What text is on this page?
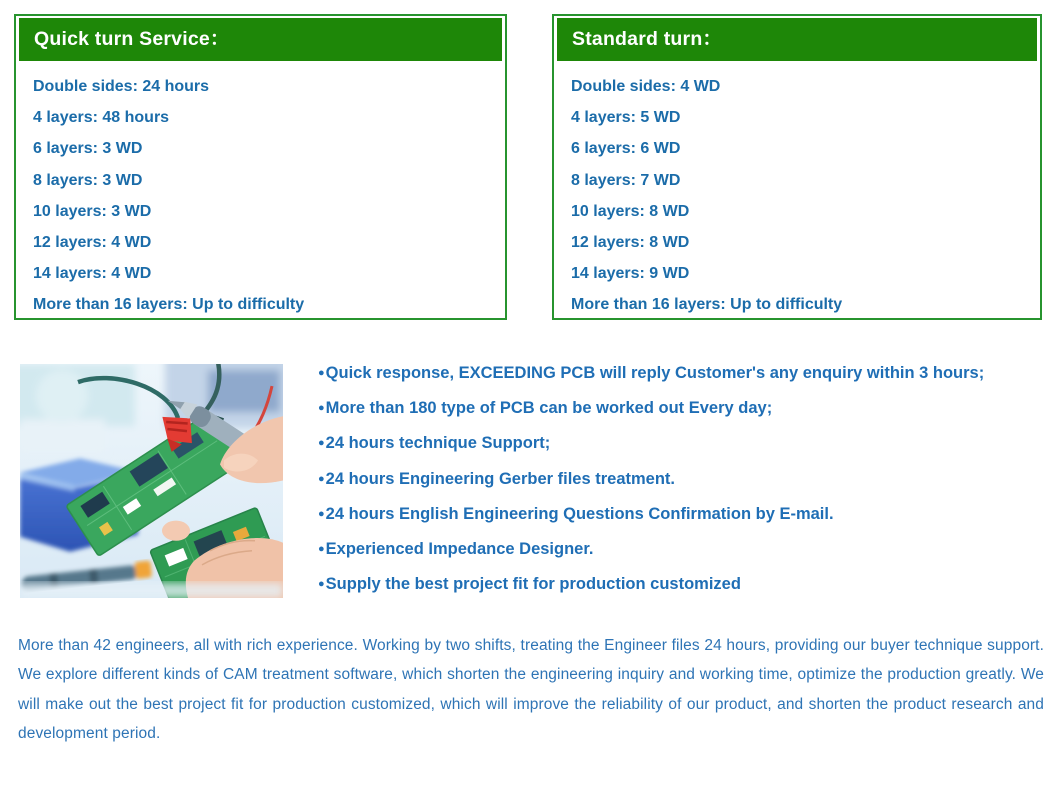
Quick turn Service：
Double sides: 24 hours
4 layers: 48 hours
6 layers: 3 WD
8 layers: 3 WD
10 layers: 3 WD
12 layers: 4 WD
14 layers: 4 WD
More than 16 layers: Up to difficulty
Standard turn：
Double sides: 4 WD
4 layers: 5 WD
6 layers: 6 WD
8 layers: 7 WD
10 layers: 8 WD
12 layers: 8 WD
14 layers: 9 WD
More than 16 layers: Up to difficulty
●Quick response, EXCEEDING PCB will reply Customer's any enquiry within 3 hours;
●More than 180 type of PCB can be worked out Every day;
●24 hours technique Support;
●24 hours Engineering Gerber files treatment.
●24 hours English Engineering Questions Confirmation by E-mail.
●Experienced Impedance Designer.
●Supply the best project fit for production customized
More than 42 engineers, all with rich experience. Working by two shifts, treating the Engineer files 24 hours, providing our buyer technique support. We explore different kinds of CAM treatment software, which shorten the engineering inquiry and working time, optimize the production greatly. We will make out the best project fit for production customized, which will improve the reliability of our product, and shorten the product research and development period.
